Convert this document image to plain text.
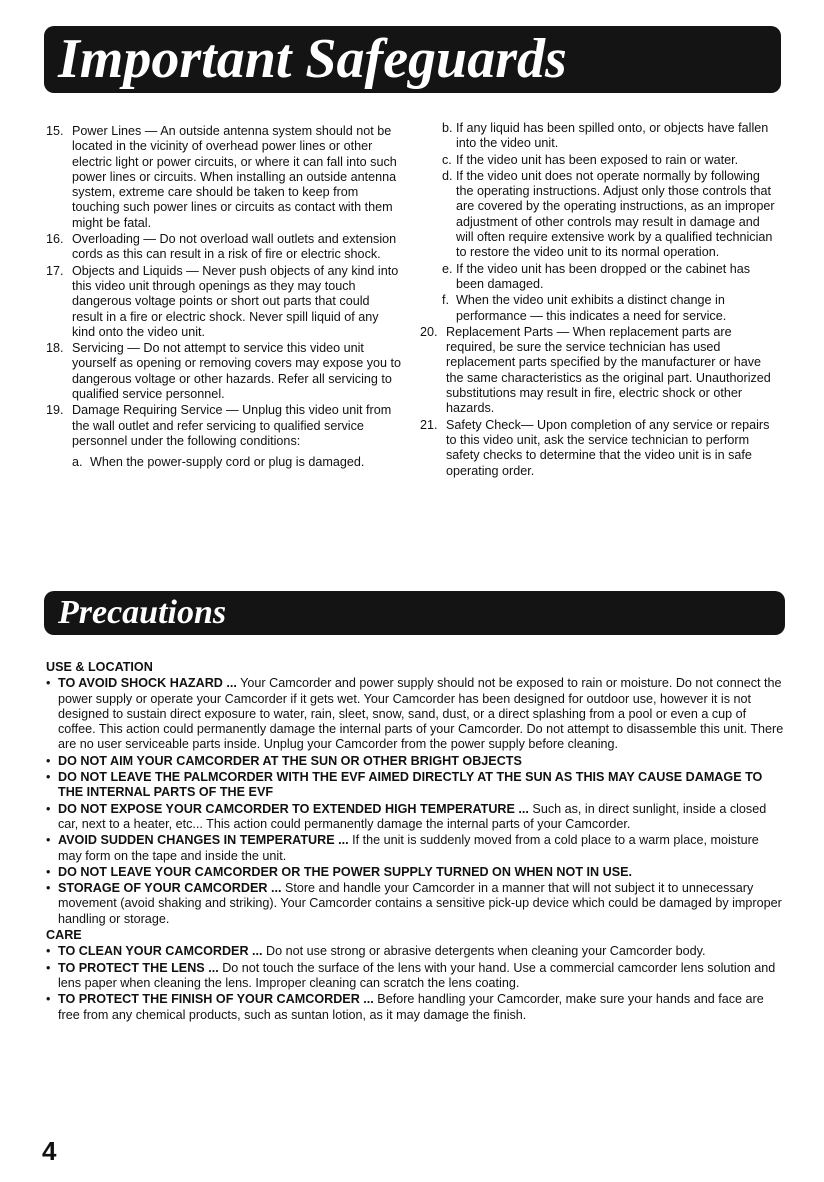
Important Safeguards
15. Power Lines — An outside antenna system should not be located in the vicinity of overhead power lines or other electric light or power circuits, or where it can fall into such power lines or circuits. When installing an outside antenna system, extreme care should be taken to keep from touching such power lines or circuits as contact with them might be fatal.
16. Overloading — Do not overload wall outlets and extension cords as this can result in a risk of fire or electric shock.
17. Objects and Liquids — Never push objects of any kind into this video unit through openings as they may touch dangerous voltage points or short out parts that could result in a fire or electric shock. Never spill liquid of any kind onto the video unit.
18. Servicing — Do not attempt to service this video unit yourself as opening or removing covers may expose you to dangerous voltage or other hazards. Refer all servicing to qualified service personnel.
19. Damage Requiring Service — Unplug this video unit from the wall outlet and refer servicing to qualified service personnel under the following conditions:
a. When the power-supply cord or plug is damaged.
b. If any liquid has been spilled onto, or objects have fallen into the video unit.
c. If the video unit has been exposed to rain or water.
d. If the video unit does not operate normally by following the operating instructions. Adjust only those controls that are covered by the operating instructions, as an improper adjustment of other controls may result in damage and will often require extensive work by a qualified technician to restore the video unit to its normal operation.
e. If the video unit has been dropped or the cabinet has been damaged.
f. When the video unit exhibits a distinct change in performance — this indicates a need for service.
20. Replacement Parts — When replacement parts are required, be sure the service technician has used replacement parts specified by the manufacturer or have the same characteristics as the original part. Unauthorized substitutions may result in fire, electric shock or other hazards.
21. Safety Check— Upon completion of any service or repairs to this video unit, ask the service technician to perform safety checks to determine that the video unit is in safe operating order.
Precautions
USE & LOCATION
• TO AVOID SHOCK HAZARD ... Your Camcorder and power supply should not be exposed to rain or moisture. Do not connect the power supply or operate your Camcorder if it gets wet. Your Camcorder has been designed for outdoor use, however it is not designed to sustain direct exposure to water, rain, sleet, snow, sand, dust, or a direct splashing from a pool or even a cup of coffee. This action could permanently damage the internal parts of your Camcorder. Do not attempt to disassemble this unit. There are no user serviceable parts inside. Unplug your Camcorder from the power supply before cleaning.
• DO NOT AIM YOUR CAMCORDER AT THE SUN OR OTHER BRIGHT OBJECTS
• DO NOT LEAVE THE PALMCORDER WITH THE EVF AIMED DIRECTLY AT THE SUN AS THIS MAY CAUSE DAMAGE TO THE INTERNAL PARTS OF THE EVF
• DO NOT EXPOSE YOUR CAMCORDER TO EXTENDED HIGH TEMPERATURE ... Such as, in direct sunlight, inside a closed car, next to a heater, etc... This action could permanently damage the internal parts of your Camcorder.
• AVOID SUDDEN CHANGES IN TEMPERATURE ... If the unit is suddenly moved from a cold place to a warm place, moisture may form on the tape and inside the unit.
• DO NOT LEAVE YOUR CAMCORDER OR THE POWER SUPPLY TURNED ON WHEN NOT IN USE.
• STORAGE OF YOUR CAMCORDER ... Store and handle your Camcorder in a manner that will not subject it to unnecessary movement (avoid shaking and striking). Your Camcorder contains a sensitive pick-up device which could be damaged by improper handling or storage.
CARE
• TO CLEAN YOUR CAMCORDER ... Do not use strong or abrasive detergents when cleaning your Camcorder body.
• TO PROTECT THE LENS ... Do not touch the surface of the lens with your hand. Use a commercial camcorder lens solution and lens paper when cleaning the lens. Improper cleaning can scratch the lens coating.
• TO PROTECT THE FINISH OF YOUR CAMCORDER ... Before handling your Camcorder, make sure your hands and face are free from any chemical products, such as suntan lotion, as it may damage the finish.
4
